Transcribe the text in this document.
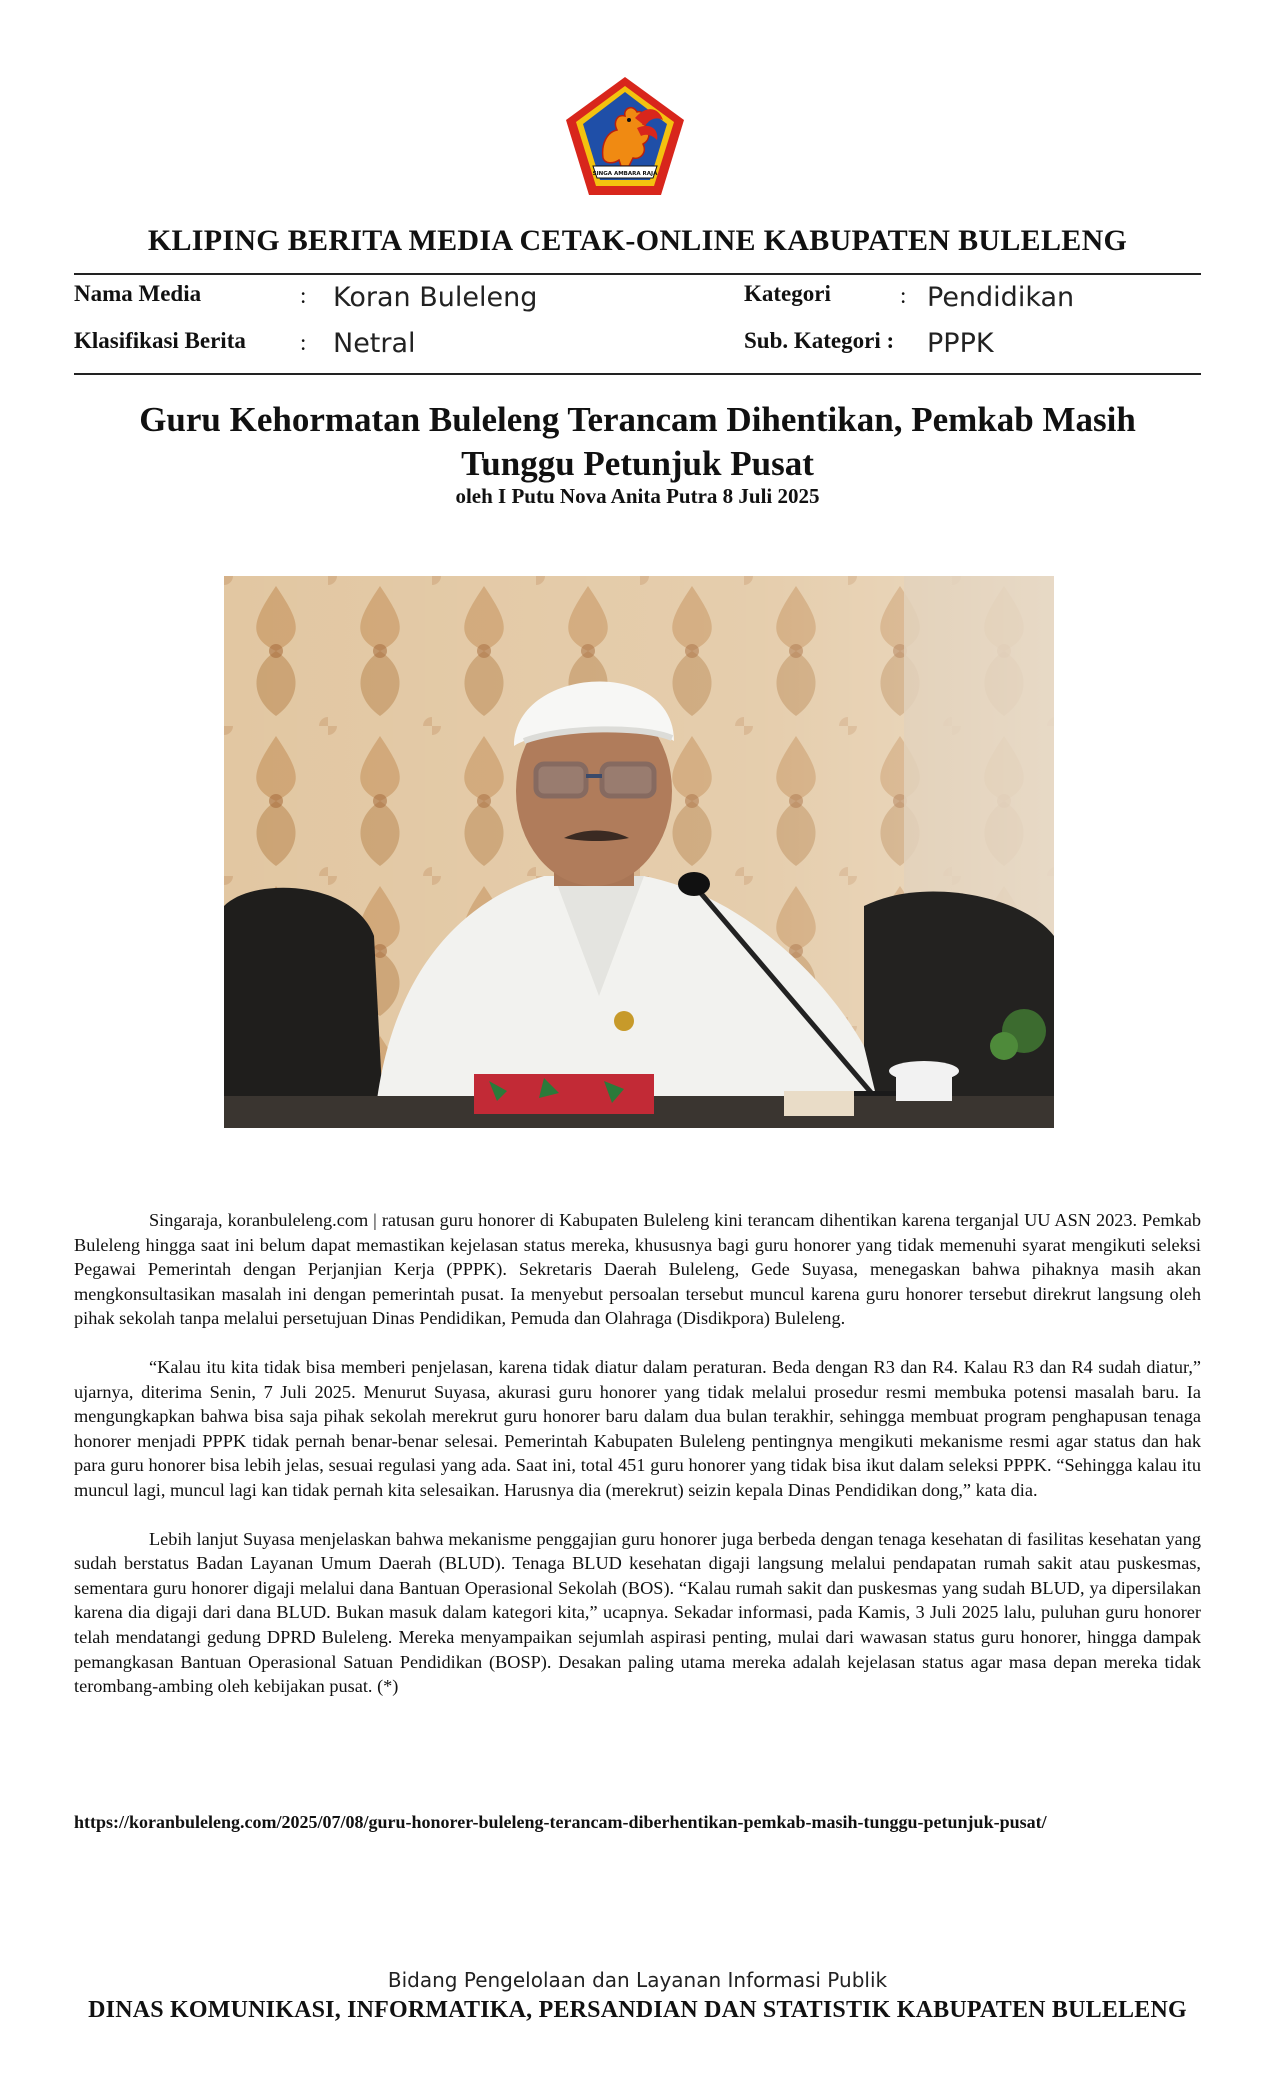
SINGA AMBARA RAJA
KLIPING BERITA MEDIA CETAK-ONLINE KABUPATEN BULELENG
Nama Media	: Koran Buleleng
Klasifikasi Berita : Netral
Kategori	: Pendidikan
Sub. Kategori : PPPK
Guru Kehormatan Buleleng Terancam Dihentikan, Pemkab Masih Tunggu Petunjuk Pusat
oleh I Putu Nova Anita Putra 8 Juli 2025

Singaraja, koranbuleleng.com | ratusan guru honorer di Kabupaten Buleleng kini terancam dihentikan karena terganjal UU ASN 2023. Pemkab Buleleng hingga saat ini belum dapat memastikan kejelasan status mereka, khususnya bagi guru honorer yang tidak memenuhi syarat mengikuti seleksi Pegawai Pemerintah dengan Perjanjian Kerja (PPPK). Sekretaris Daerah Buleleng, Gede Suyasa, menegaskan bahwa pihaknya masih akan mengkonsultasikan masalah ini dengan pemerintah pusat. Ia menyebut persoalan tersebut muncul karena guru honorer tersebut direkrut langsung oleh pihak sekolah tanpa melalui persetujuan Dinas Pendidikan, Pemuda dan Olahraga (Disdikpora) Buleleng.

“Kalau itu kita tidak bisa memberi penjelasan, karena tidak diatur dalam peraturan. Beda dengan R3 dan R4. Kalau R3 dan R4 sudah diatur,” ujarnya, diterima Senin, 7 Juli 2025. Menurut Suyasa, akurasi guru honorer yang tidak melalui prosedur resmi membuka potensi masalah baru. Ia mengungkapkan bahwa bisa saja pihak sekolah merekrut guru honorer baru dalam dua bulan terakhir, sehingga membuat program penghapusan tenaga honorer menjadi PPPK tidak pernah benar-benar selesai. Pemerintah Kabupaten Buleleng pentingnya mengikuti mekanisme resmi agar status dan hak para guru honorer bisa lebih jelas, sesuai regulasi yang ada. Saat ini, total 451 guru honorer yang tidak bisa ikut dalam seleksi PPPK. “Sehingga kalau itu muncul lagi, muncul lagi kan tidak pernah kita selesaikan. Harusnya dia (merekrut) seizin kepala Dinas Pendidikan dong,” kata dia.

Lebih lanjut Suyasa menjelaskan bahwa mekanisme penggajian guru honorer juga berbeda dengan tenaga kesehatan di fasilitas kesehatan yang sudah berstatus Badan Layanan Umum Daerah (BLUD). Tenaga BLUD kesehatan digaji langsung melalui pendapatan rumah sakit atau puskesmas, sementara guru honorer digaji melalui dana Bantuan Operasional Sekolah (BOS). “Kalau rumah sakit dan puskesmas yang sudah BLUD, ya dipersilakan karena dia digaji dari dana BLUD. Bukan masuk dalam kategori kita,” ucapnya. Sekadar informasi, pada Kamis, 3 Juli 2025 lalu, puluhan guru honorer telah mendatangi gedung DPRD Buleleng. Mereka menyampaikan sejumlah aspirasi penting, mulai dari wawasan status guru honorer, hingga dampak pemangkasan Bantuan Operasional Satuan Pendidikan (BOSP). Desakan paling utama mereka adalah kejelasan status agar masa depan mereka tidak terombang-ambing oleh kebijakan pusat. (*)

https://koranbuleleng.com/2025/07/08/guru-honorer-buleleng-terancam-diberhentikan-pemkab-masih-tunggu-petunjuk-pusat/
Bidang Pengelolaan dan Layanan Informasi Publik
DINAS KOMUNIKASI, INFORMATIKA, PERSANDIAN DAN STATISTIK KABUPATEN BULELENG
